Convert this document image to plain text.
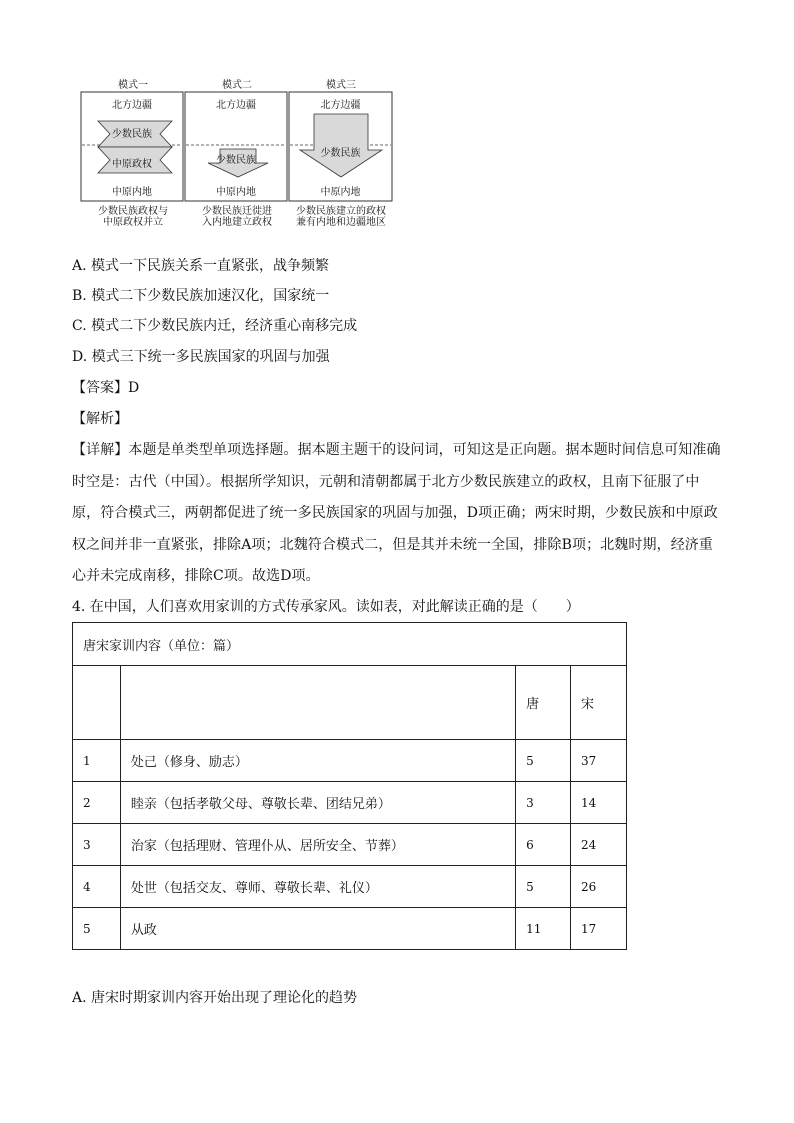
模式一	模式二	模式三
北方边疆
少数民族
中原政权
中原内地
北方边疆
少数民族
中原内地
北方边疆
少数民族
中原内地
少数民族政权与
中原政权并立
少数民族迁徙进
入内地建立政权
少数民族建立的政权
兼有内地和边疆地区
A. 模式一下民族关系一直紧张，战争频繁
B. 模式二下少数民族加速汉化，国家统一
C. 模式二下少数民族内迁，经济重心南移完成
D. 模式三下统一多民族国家的巩固与加强
【答案】D
【解析】
【详解】本题是单类型单项选择题。据本题主题干的设问词，可知这是正向题。据本题时间信息可知准确时空是：古代（中国）。根据所学知识，元朝和清朝都属于北方少数民族建立的政权，且南下征服了中原，符合模式三，两朝都促进了统一多民族国家的巩固与加强，D项正确；两宋时期，少数民族和中原政权之间并非一直紧张，排除A项；北魏符合模式二，但是其并未统一全国，排除B项；北魏时期，经济重心并未完成南移，排除C项。故选D项。
4. 在中国，人们喜欢用家训的方式传承家风。读如表，对此解读正确的是（　　）
唐宋家训内容（单位：篇）			
		唐	宋
1	处己（修身、励志）	5	37
2	睦亲（包括孝敬父母、尊敬长辈、团结兄弟）	3	14
3	治家（包括理财、管理仆从、居所安全、节葬）	6	24
4	处世（包括交友、尊师、尊敬长辈、礼仪）	5	26
5	从政	11	17
A. 唐宋时期家训内容开始出现了理论化的趋势
